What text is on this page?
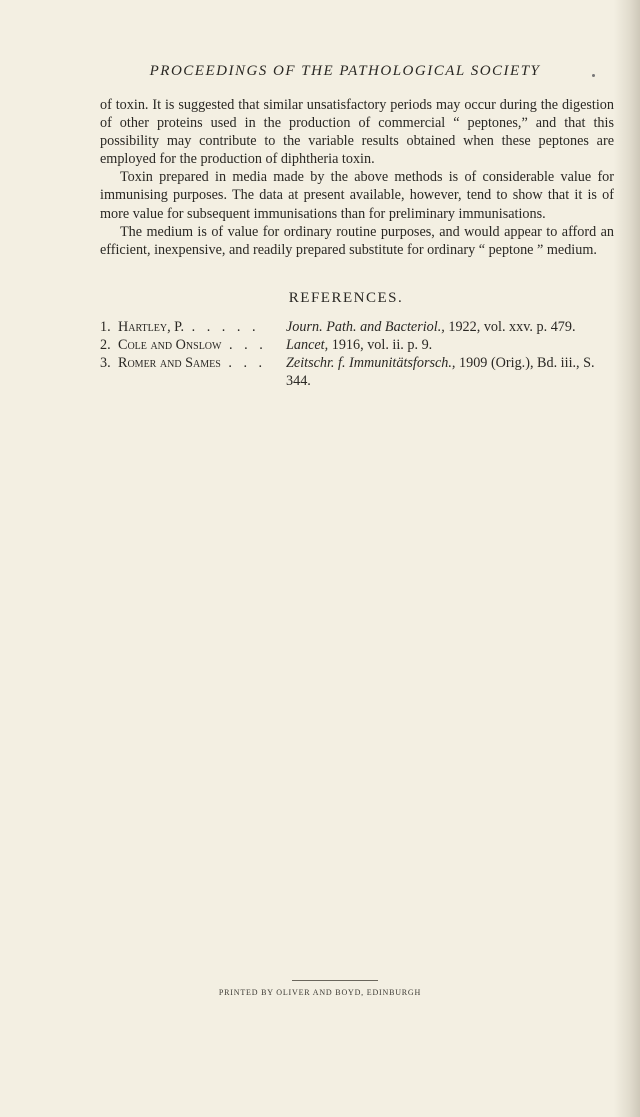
PROCEEDINGS OF THE PATHOLOGICAL SOCIETY

of toxin. It is suggested that similar unsatisfactory periods may occur during the digestion of other proteins used in the production of commercial “ peptones,” and that this possibility may contribute to the variable results obtained when these peptones are employed for the production of diphtheria toxin.

Toxin prepared in media made by the above methods is of considerable value for immunising purposes. The data at present available, however, tend to show that it is of more value for subsequent immunisations than for preliminary immunisations.

The medium is of value for ordinary routine purposes, and would appear to afford an efficient, inexpensive, and readily prepared substitute for ordinary “ peptone ” medium.

REFERENCES.
1. Hartley, P. . . . . .	Journ. Path. and Bacteriol., 1922, vol. xxv. p. 479.
2. Cole and Onslow . . .	Lancet, 1916, vol. ii. p. 9.
3. Romer and Sames . . .	Zeitschr. f. Immunitätsforsch., 1909 (Orig.), Bd. iii., S. 344.
PRINTED BY OLIVER AND BOYD, EDINBURGH
